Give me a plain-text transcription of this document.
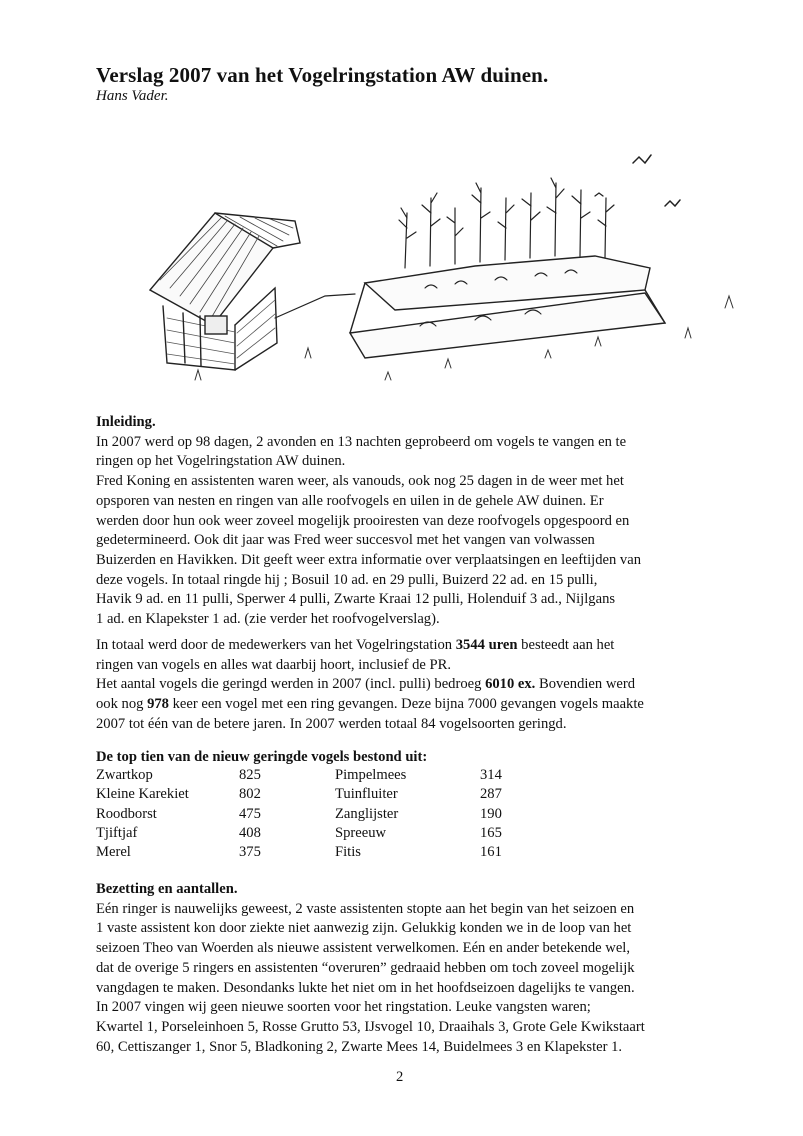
Verslag 2007 van het Vogelringstation AW duinen.
Hans Vader.
Inleiding.
In 2007 werd op 98 dagen, 2 avonden en 13 nachten geprobeerd om vogels te vangen en te
ringen op het Vogelringstation AW duinen.
Fred Koning en assistenten waren weer, als vanouds, ook nog 25 dagen in de weer met het
opsporen van nesten en ringen van alle roofvogels en uilen in de gehele AW duinen. Er
werden door hun ook weer zoveel mogelijk prooiresten van deze roofvogels opgespoord en
gedetermineerd. Ook dit jaar was Fred weer succesvol met het vangen van volwassen
Buizerden en Havikken. Dit geeft weer extra informatie over verplaatsingen en leeftijden van
deze vogels. In totaal ringde hij ; Bosuil 10 ad. en 29 pulli, Buizerd 22 ad. en 15 pulli,
Havik 9 ad. en 11 pulli, Sperwer 4 pulli, Zwarte Kraai 12 pulli, Holenduif 3 ad., Nijlgans
1 ad. en Klapekster 1 ad. (zie verder het roofvogelverslag).
In totaal werd door de medewerkers van het Vogelringstation 3544 uren besteedt aan het
ringen van vogels en alles wat daarbij hoort, inclusief de PR.
Het aantal vogels die geringd werden in 2007 (incl. pulli) bedroeg 6010 ex. Bovendien werd
ook nog 978 keer een vogel met een ring gevangen. Deze bijna 7000 gevangen vogels maakte
2007 tot één van de betere jaren. In 2007 werden totaal 84 vogelsoorten geringd.
De top tien van de nieuw geringde vogels bestond uit:
Zwartkop	825	Pimpelmees	314
Kleine Karekiet	802	Tuinfluiter	287
Roodborst	475	Zanglijster	190
Tjiftjaf	408	Spreeuw	165
Merel	375	Fitis	161
Bezetting en aantallen.
Eén ringer is nauwelijks geweest, 2 vaste assistenten stopte aan het begin van het seizoen en
1 vaste assistent kon door ziekte niet aanwezig zijn. Gelukkig konden we in de loop van het
seizoen Theo van Woerden als nieuwe assistent verwelkomen. Eén en ander betekende wel,
dat de overige 5 ringers en assistenten “overuren” gedraaid hebben om toch zoveel mogelijk
vangdagen te maken. Desondanks lukte het niet om in het hoofdseizoen dagelijks te vangen.
In 2007 vingen wij geen nieuwe soorten voor het ringstation. Leuke vangsten waren;
Kwartel 1, Porseleinhoen 5, Rosse Grutto 53, IJsvogel 10, Draaihals 3, Grote Gele Kwikstaart
60, Cettiszanger 1, Snor 5, Bladkoning 2, Zwarte Mees 14, Buidelmees 3 en Klapekster 1.
2
